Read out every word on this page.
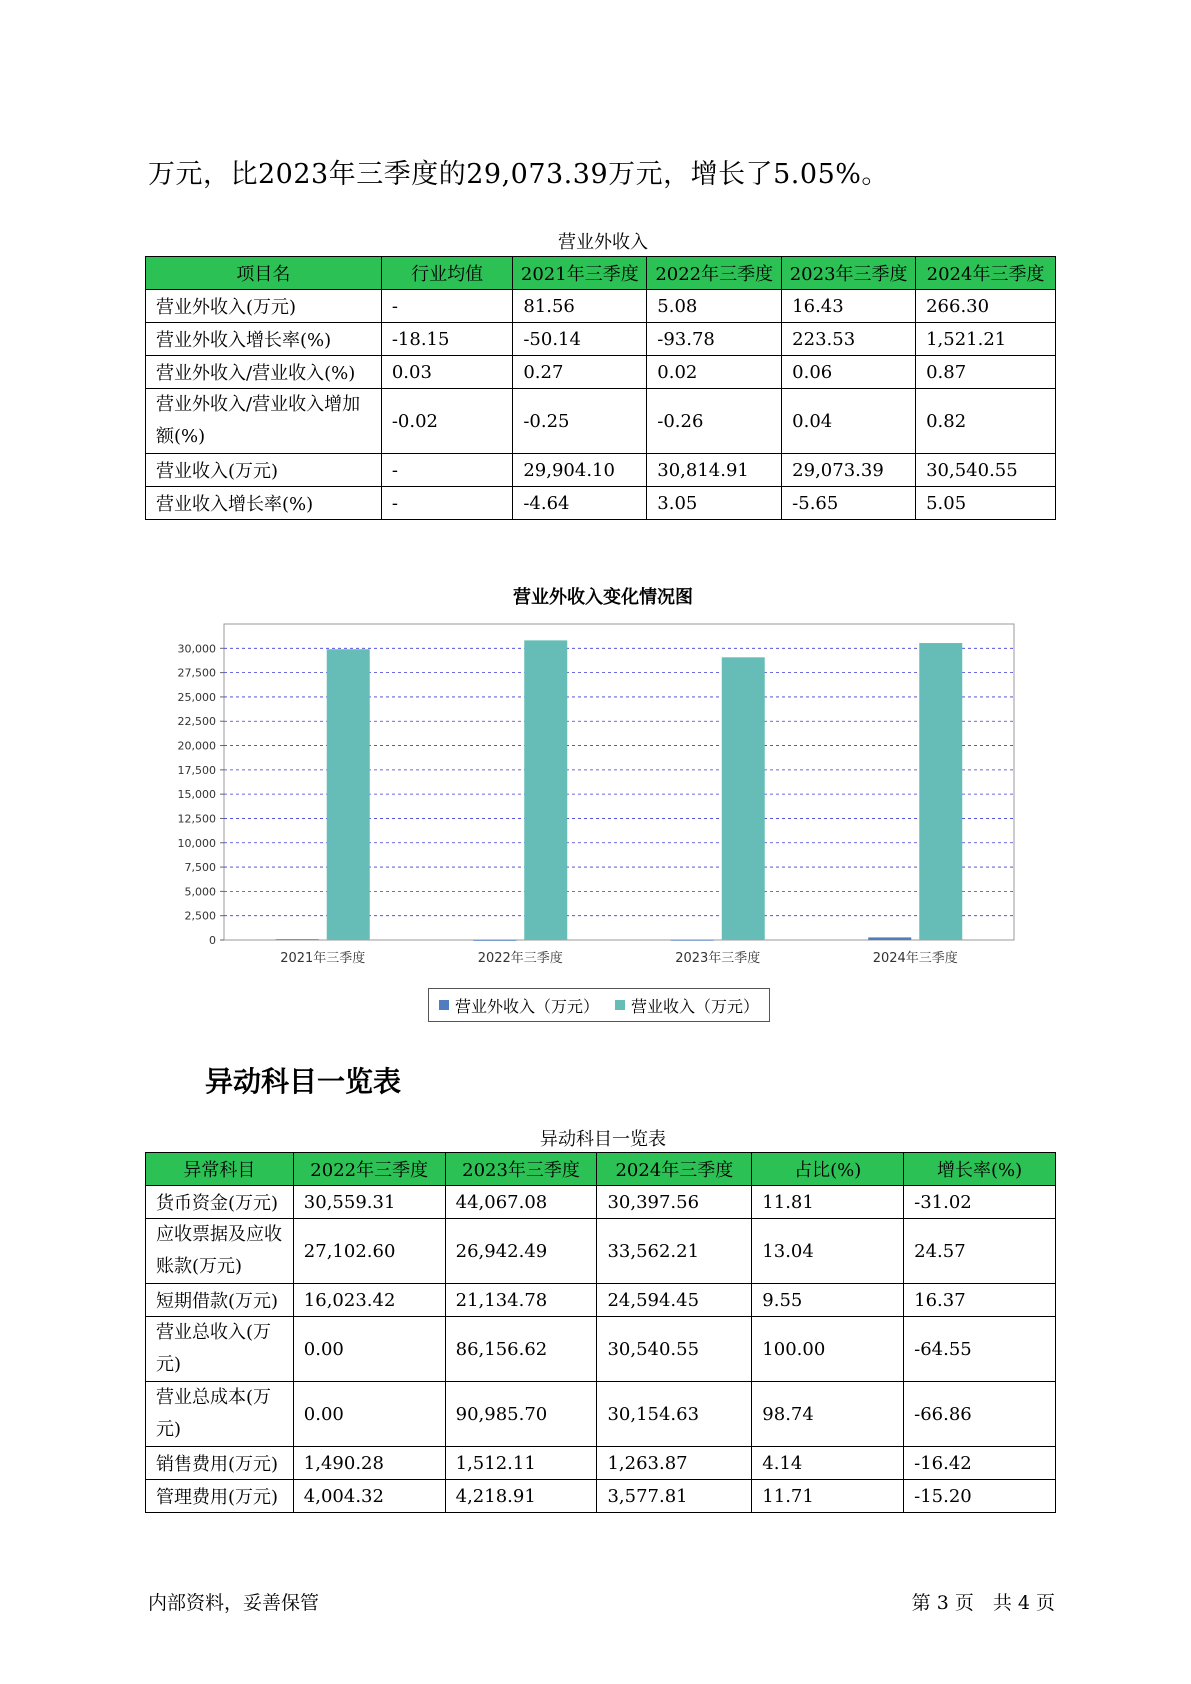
万元，比2023年三季度的29,073.39万元，增长了5.05%。
营业外收入
项目名	行业均值	2021年三季度	2022年三季度	2023年三季度	2024年三季度
营业外收入(万元)	-	81.56	5.08	16.43	266.30
营业外收入增长率(%)	-18.15	-50.14	-93.78	223.53	1,521.21
营业外收入/营业收入(%)	0.03	0.27	0.02	0.06	0.87
营业外收入/营业收入增加额(%)	-0.02	-0.25	-0.26	0.04	0.82
营业收入(万元)	-	29,904.10	30,814.91	29,073.39	30,540.55
营业收入增长率(%)	-	-4.64	3.05	-5.65	5.05
营业外收入变化情况图
0
2,500
5,000
7,500
10,000
12,500
15,000
17,500
20,000
22,500
25,000
27,500
30,000
2021年三季度	2022年三季度	2023年三季度	2024年三季度
营业外收入（万元） 营业收入（万元）
异动科目一览表
异动科目一览表
异常科目	2022年三季度	2023年三季度	2024年三季度	占比(%)	增长率(%)
货币资金(万元)	30,559.31	44,067.08	30,397.56	11.81	-31.02
应收票据及应收账款(万元)	27,102.60	26,942.49	33,562.21	13.04	24.57
短期借款(万元)	16,023.42	21,134.78	24,594.45	9.55	16.37
营业总收入(万元)	0.00	86,156.62	30,540.55	100.00	-64.55
营业总成本(万元)	0.00	90,985.70	30,154.63	98.74	-66.86
销售费用(万元)	1,490.28	1,512.11	1,263.87	4.14	-16.42
管理费用(万元)	4,004.32	4,218.91	3,577.81	11.71	-15.20
内部资料，妥善保管	第 3 页　共 4 页
